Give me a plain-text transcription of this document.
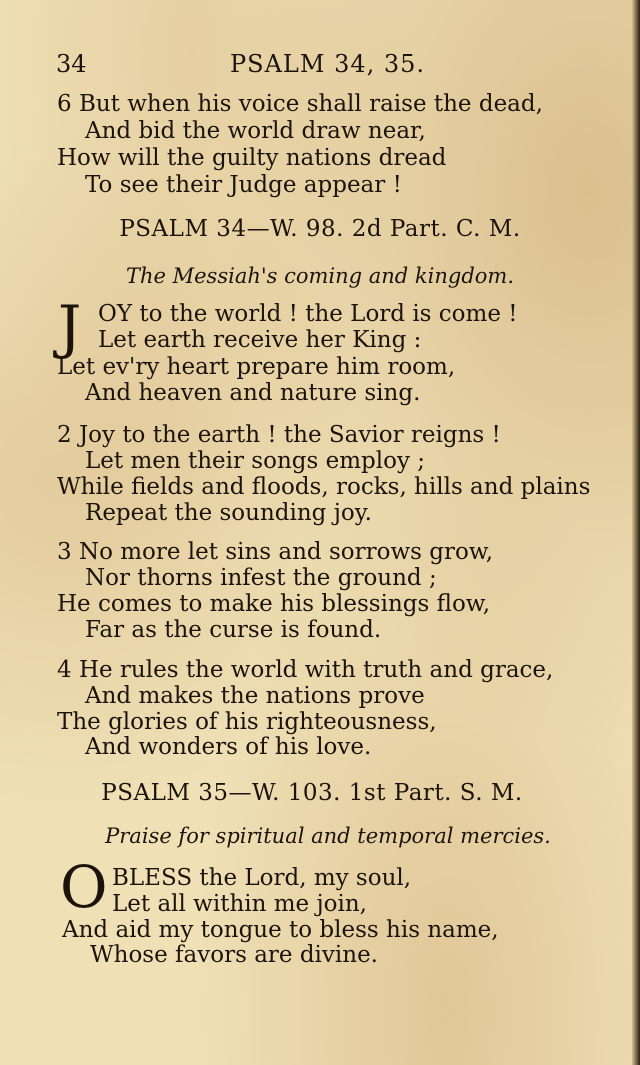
34	PSALM 34, 35.
6 But when his voice shall raise the dead,
And bid the world draw near,
How will the guilty nations dread
To see their Judge appear !
PSALM 34—W. 98. 2d Part. C. M.
The Messiah's coming and kingdom.
J OY to the world ! the Lord is come !
Let earth receive her King :
Let ev'ry heart prepare him room,
And heaven and nature sing.
2 Joy to the earth ! the Savior reigns !
Let men their songs employ ;
While fields and floods, rocks, hills and plains
Repeat the sounding joy.
3 No more let sins and sorrows grow,
Nor thorns infest the ground ;
He comes to make his blessings flow,
Far as the curse is found.
4 He rules the world with truth and grace,
And makes the nations prove
The glories of his righteousness,
And wonders of his love.
PSALM 35—W. 103. 1st Part. S. M.
Praise for spiritual and temporal mercies.
O BLESS the Lord, my soul,
Let all within me join,
And aid my tongue to bless his name,
Whose favors are divine.
